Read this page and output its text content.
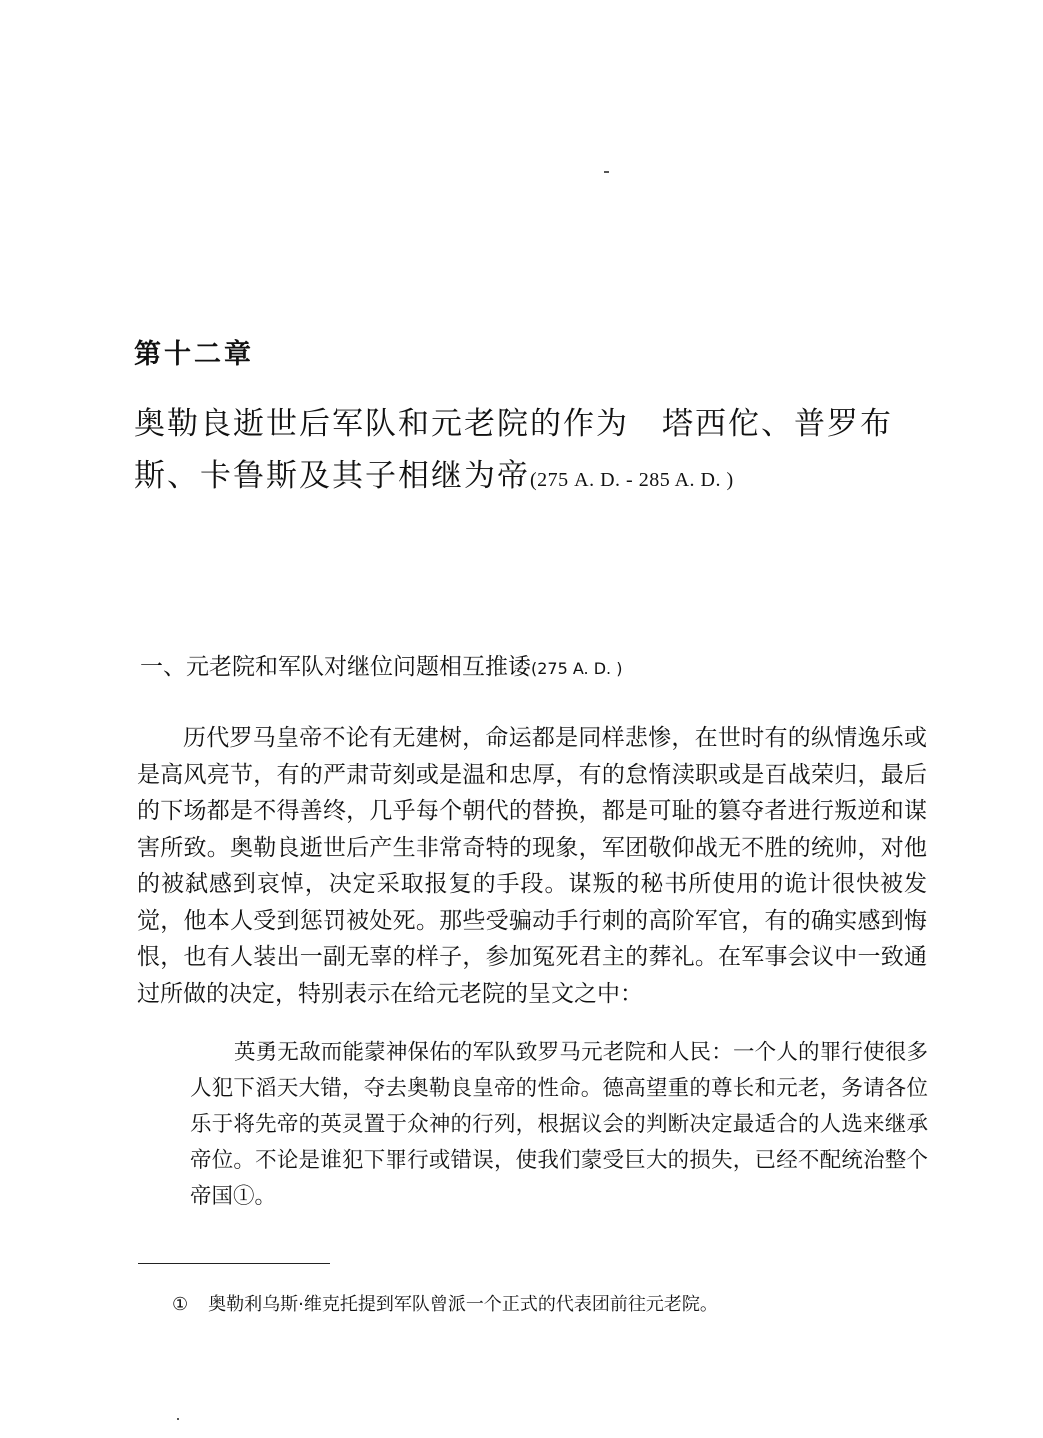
第十二章
奥勒良逝世后军队和元老院的作为　塔西佗、普罗布斯、卡鲁斯及其子相继为帝(275 A. D. - 285 A. D. )
一、元老院和军队对继位问题相互推诿(275 A. D. )

历代罗马皇帝不论有无建树，命运都是同样悲惨，在世时有的纵情逸乐或是高风亮节，有的严肃苛刻或是温和忠厚，有的怠惰渎职或是百战荣归，最后的下场都是不得善终，几乎每个朝代的替换，都是可耻的篡夺者进行叛逆和谋害所致。奥勒良逝世后产生非常奇特的现象，军团敬仰战无不胜的统帅，对他的被弑感到哀悼，决定采取报复的手段。谋叛的秘书所使用的诡计很快被发觉，他本人受到惩罚被处死。那些受骗动手行刺的高阶军官，有的确实感到悔恨，也有人装出一副无辜的样子，参加冤死君主的葬礼。在军事会议中一致通过所做的决定，特别表示在给元老院的呈文之中：

英勇无敌而能蒙神保佑的军队致罗马元老院和人民：一个人的罪行使很多人犯下滔天大错，夺去奥勒良皇帝的性命。德高望重的尊长和元老，务请各位乐于将先帝的英灵置于众神的行列，根据议会的判断决定最适合的人选来继承帝位。不论是谁犯下罪行或错误，使我们蒙受巨大的损失，已经不配统治整个帝国①。

① 奥勒利乌斯·维克托提到军队曾派一个正式的代表团前往元老院。
